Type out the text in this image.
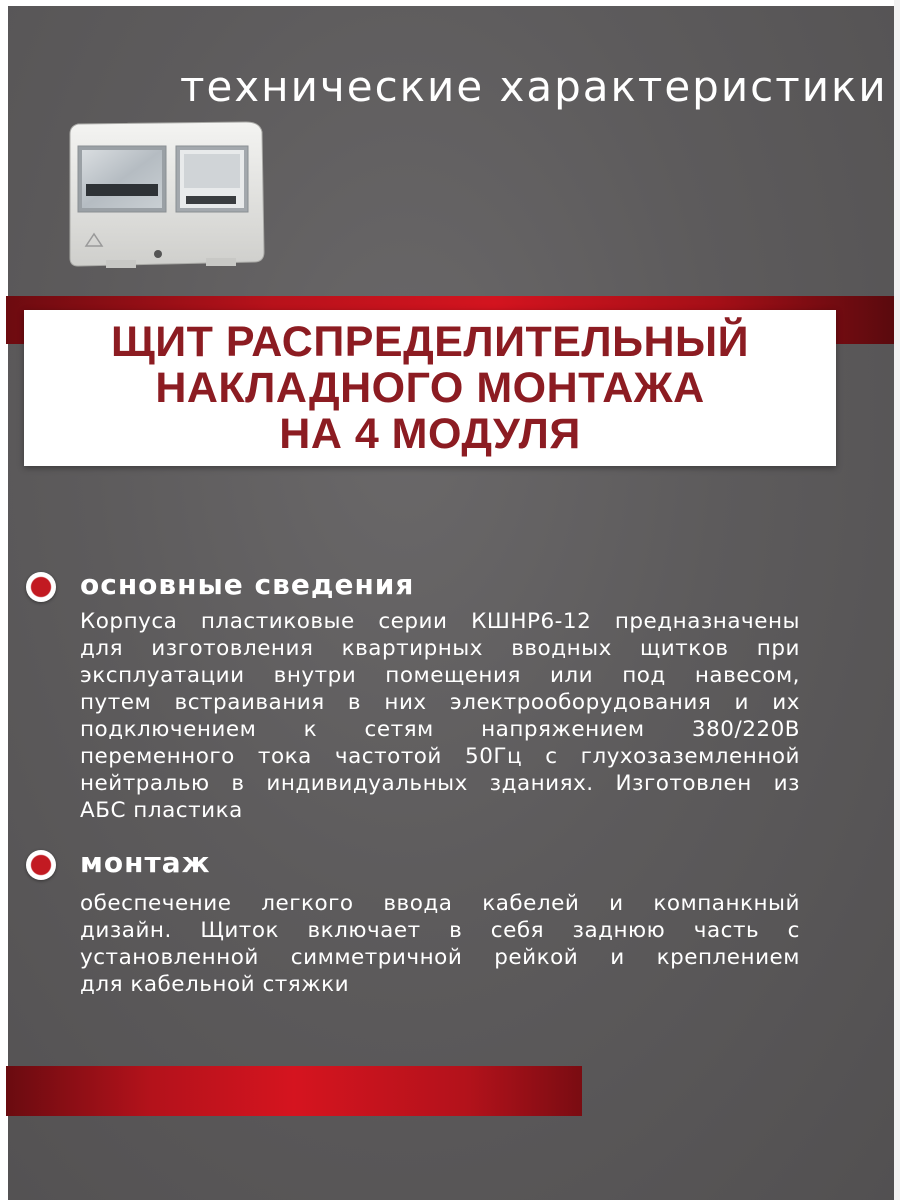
технические характеристики
ЩИТ РАСПРЕДЕЛИТЕЛЬНЫЙ
НАКЛАДНОГО МОНТАЖА
НА 4 МОДУЛЯ
основные сведения
Корпуса пластиковые серии КШНР6-12 предназначены
для изготовления квартирных вводных щитков при
эксплуатации внутри помещения или под навесом,
путем встраивания в них электрооборудования и их
подключением к сетям напряжением 380/220В
переменного тока частотой 50Гц с глухозаземленной
нейтралью в индивидуальных зданиях. Изготовлен из
АБС пластика
монтаж
обеспечение легкого ввода кабелей и компанкный
дизайн. Щиток включает в себя заднюю часть с
установленной симметричной рейкой и креплением
для кабельной стяжки
